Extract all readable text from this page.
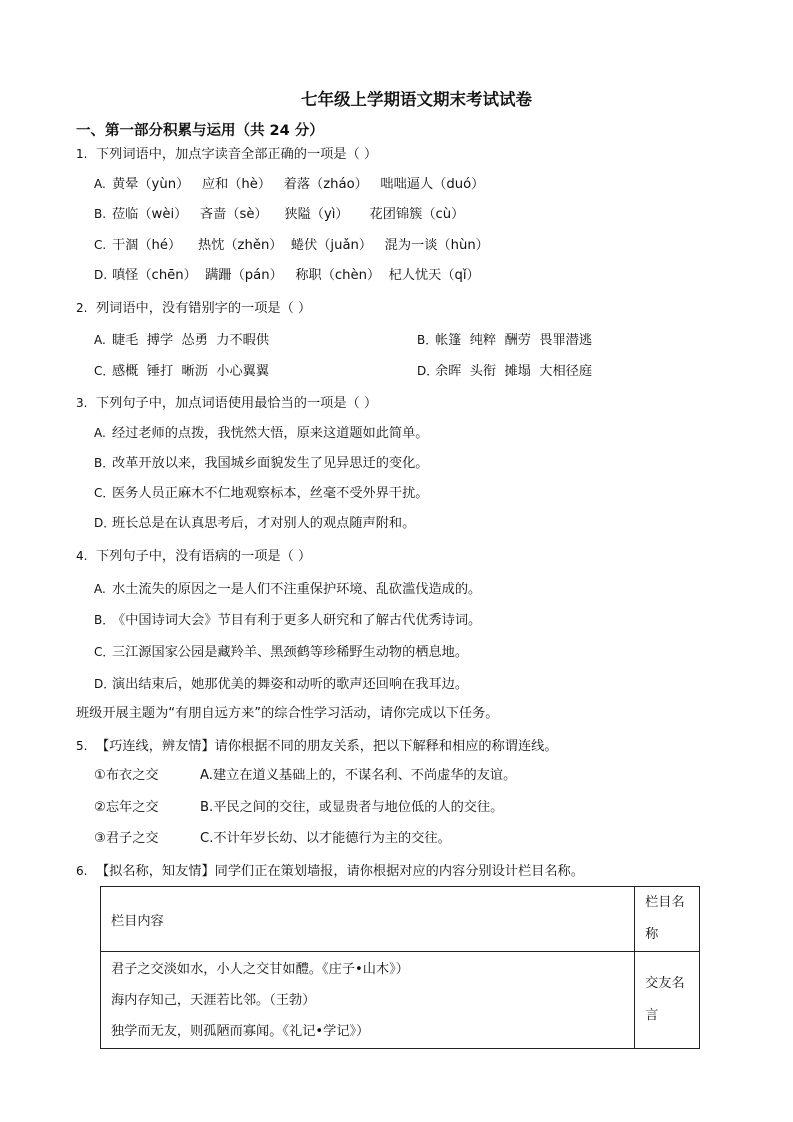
七年级上学期语文期末考试试卷
一、第一部分积累与运用（共 24 分）
1. 下列词语中，加点字读音全部正确的一项是（ ）
A. 黄晕（yùn）   应和（hè）   着落（zháo）   咄咄逼人（duó）
B. 莅临（wèi）   吝啬（sè）    狭隘（yì）     花团锦簇（cù）
C. 干涸（hé）    热忱（zhěn）  蜷伏（juǎn）   混为一谈（hùn）
D. 嗔怪（chēn）  蹒跚（pán）   称职（chèn）  杞人忧天（qǐ）
2. 列词语中，没有错别字的一项是（ ）
A. 睫毛  搏学  怂勇  力不暇供	B．帐篷  纯粹  酬劳  畏罪潜逃
C．感概  锤打  晰沥  小心翼翼	D．余晖  头衔  摊塌  大相径庭
3. 下列句子中，加点词语使用最恰当的一项是（ ）
A. 经过老师的点拨，我恍然大悟，原来这道题如此简单。
B．改革开放以来，我国城乡面貌发生了见异思迁的变化。
C．医务人员正麻木不仁地观察标本，丝毫不受外界干扰。
D．班长总是在认真思考后，才对别人的观点随声附和。
4. 下列句子中，没有语病的一项是（ ）
A. 水土流失的原因之一是人们不注重保护环境、乱砍滥伐造成的。
B．《中国诗词大会》节目有利于更多人研究和了解古代优秀诗词。
C．三江源国家公园是藏羚羊、黑颈鹤等珍稀野生动物的栖息地。
D．演出结束后，她那优美的舞姿和动听的歌声还回响在我耳边。
班级开展主题为“有朋自远方来”的综合性学习活动，请你完成以下任务。
5. 【巧连线，辨友情】请你根据不同的朋友关系，把以下解释和相应的称谓连线。
①布衣之交	A.建立在道义基础上的，不谋名利、不尚虚华的友谊。
②忘年之交	B.平民之间的交往，或显贵者与地位低的人的交往。
③君子之交	C.不计年岁长幼、以才能德行为主的交往。
6. 【拟名称，知友情】同学们正在策划墙报，请你根据对应的内容分别设计栏目名称。
栏目内容	栏目名称

君子之交淡如水，小人之交甘如醴。《庄子•山木》）
海内存知己，天涯若比邻。（王勃）
独学而无友，则孤陋而寡闻。《礼记•学记》）	交友名言
